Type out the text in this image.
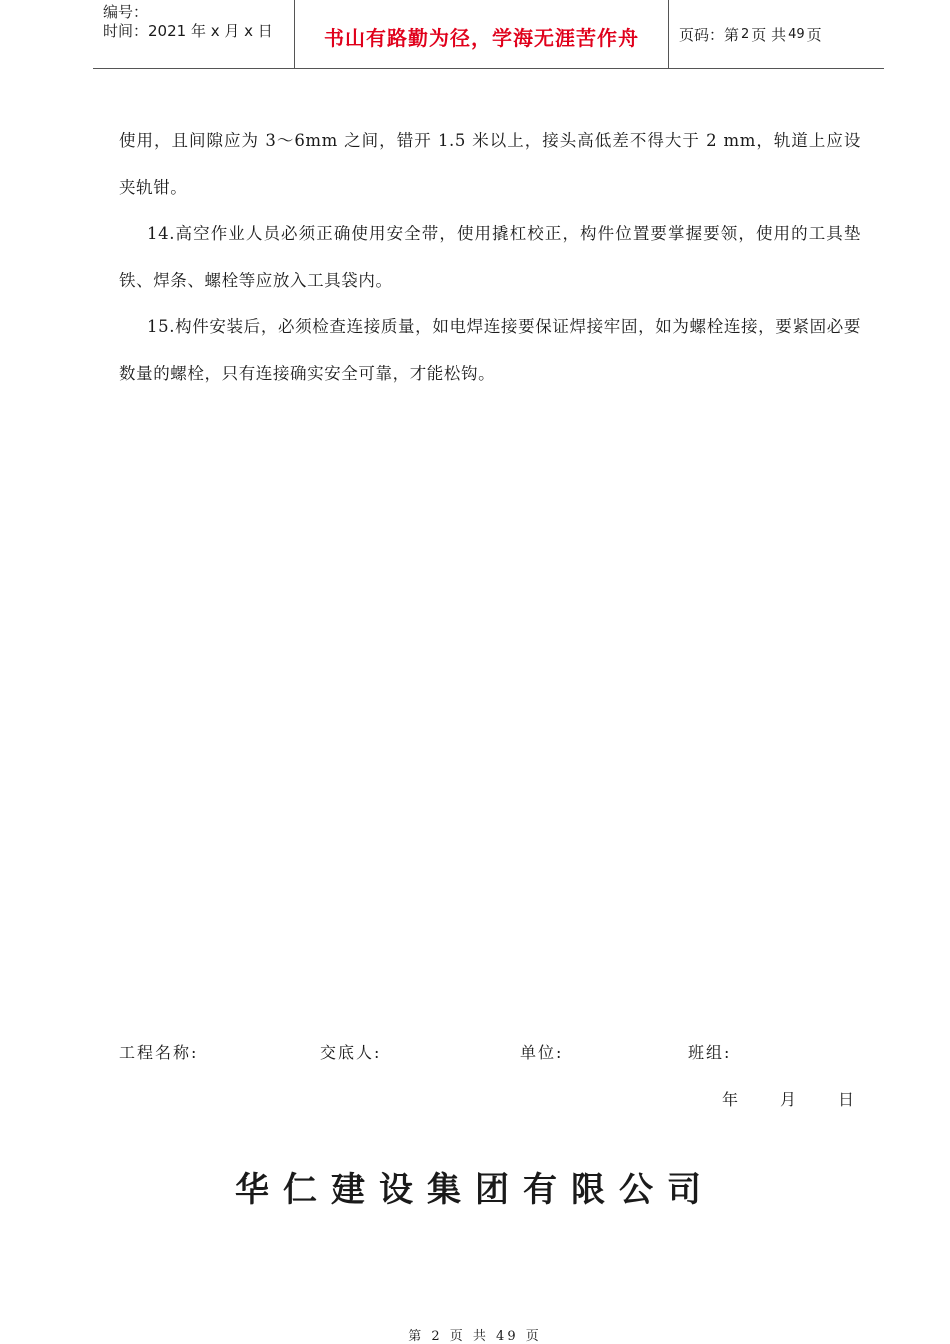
编号：
时间：2021 年 x 月 x 日	书山有路勤为径，学海无涯苦作舟	页码：第 2 页 共 49 页

使用，且间隙应为 3～6mm 之间，错开 1.5 米以上，接头高低差不得大于 2 mm，轨道上应设夹轨钳。

14.高空作业人员必须正确使用安全带，使用撬杠校正，构件位置要掌握要领，使用的工具垫铁、焊条、螺栓等应放入工具袋内。

15.构件安装后，必须检查连接质量，如电焊连接要保证焊接牢固，如为螺栓连接，要紧固必要数量的螺栓，只有连接确实安全可靠，才能松钩。

工程名称:	交底人:	单位:	班组:
年	月	日
华仁建设集团有限公司
第 2 页 共 49 页
